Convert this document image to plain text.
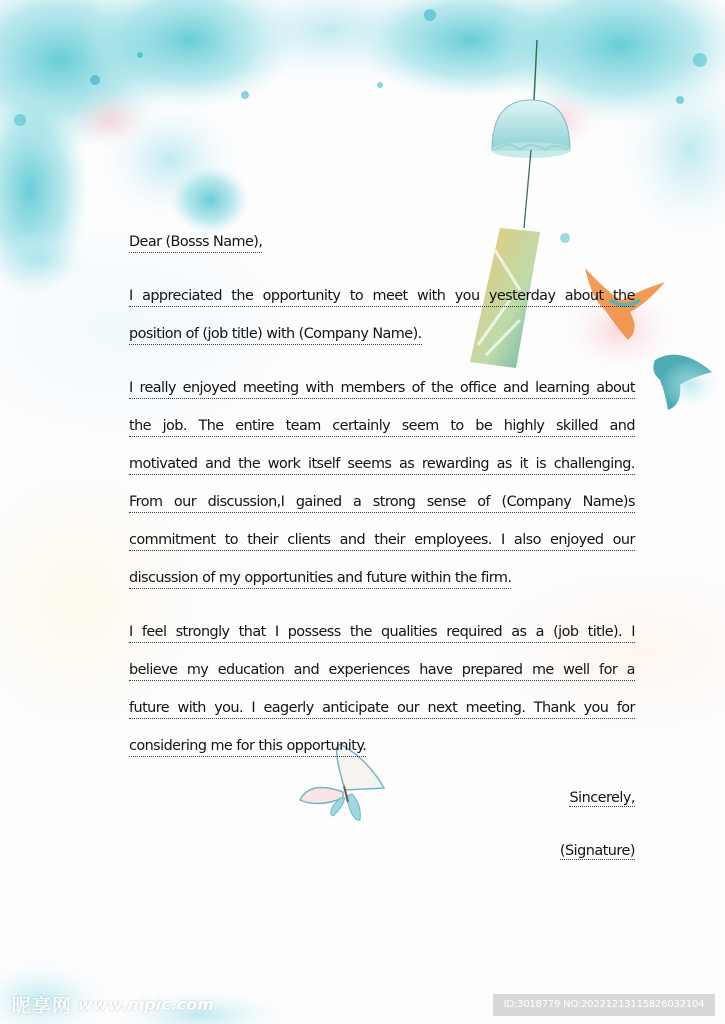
Dear (Bosss Name),
I appreciated the opportunity to meet with you yesterday about the
position of (job title) with (Company Name).
I really enjoyed meeting with members of the office and learning about
the job. The entire team certainly seem to be highly skilled and
motivated and the work itself seems as rewarding as it is challenging.
From our discussion,I gained a strong sense of (Company Name)s
commitment to their clients and their employees. I also enjoyed our
discussion of my opportunities and future within the firm.
I feel strongly that I possess the qualities required as a (job title). I
believe my education and experiences have prepared me well for a
future with you. I eagerly anticipate our next meeting. Thank you for
considering me for this opportunity.
Sincerely,
(Signature)
昵享网 www.nipic.com	ID:3018779 NO:20221213115826032104
